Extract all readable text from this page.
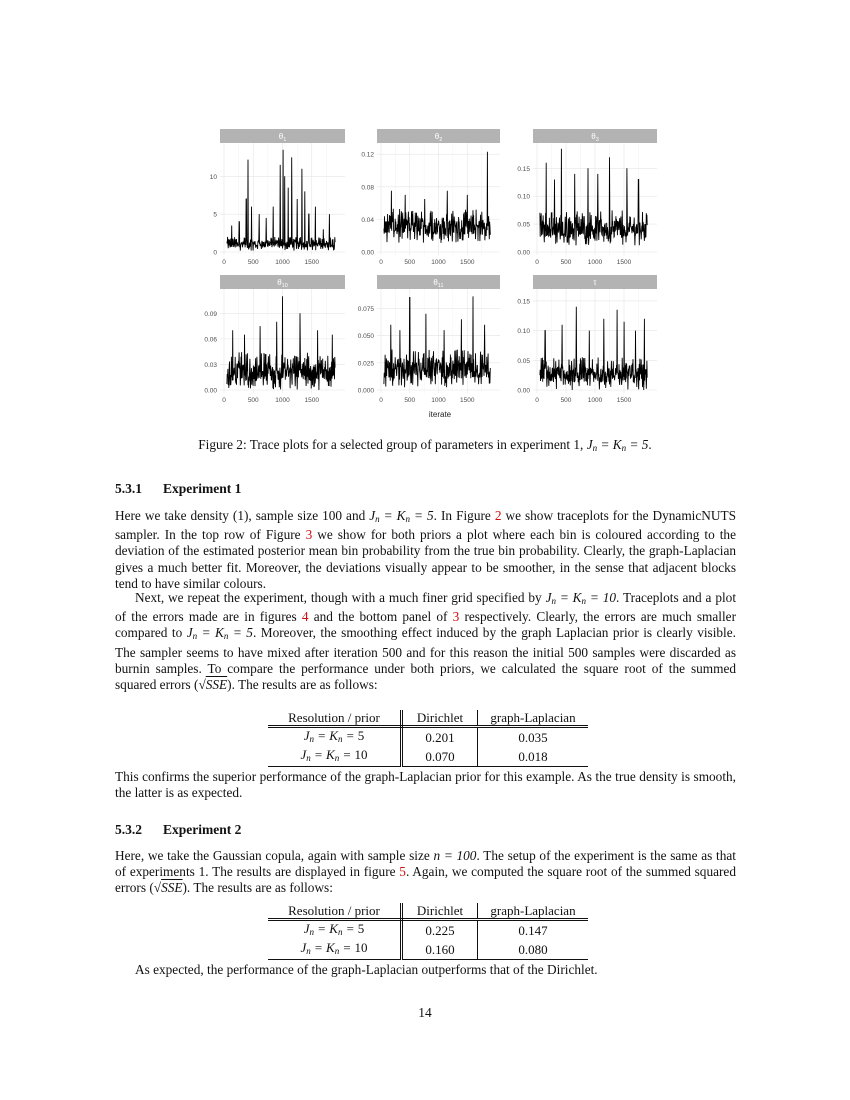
$\theta_1$
0
5
10
0	500	1000 1500
$\theta_2$
0.00
0.04
0.08
0.12
0	500 1000 1500
$\theta_3$
0.00
0.05
0.10
0.15
0	500	1000 1500
$\theta_{10}$
0.00
0.03
0.06
0.09
0	500	1000 1500
$\theta_{11}$
0.000
0.025
0.050
0.075
0	500 1000 1500
τ
0.00
0.05
0.10
0.15
0	500	1000 1500
iterate
Figure 2: Trace plots for a selected group of parameters in experiment 1, $J_n = K_n = 5$.
5.3.1 Experiment 1

Here we take density (1), sample size 100 and $J_n = K_n = 5$. In Figure 2 we show traceplots for the DynamicNUTS sampler. In the top row of Figure 3 we show for both priors a plot where each bin is coloured according to the deviation of the estimated posterior mean bin probability from the true bin probability. Clearly, the graph-Laplacian gives a much better fit. Moreover, the deviations visually appear to be smoother, in the sense that adjacent blocks tend to have similar colours.

Next, we repeat the experiment, though with a much finer grid specified by $J_n = K_n = 10$. Traceplots and a plot of the errors made are in figures 4 and the bottom panel of 3 respectively. Clearly, the errors are much smaller compared to $J_n = K_n = 5$. Moreover, the smoothing effect induced by the graph Laplacian prior is clearly visible. The sampler seems to have mixed after iteration 500 and for this reason the initial 500 samples were discarded as burnin samples. To compare the performance under both priors, we calculated the square root of the summed squared errors (√SSE). The results are as follows:

Resolution / prior	Dirichlet	graph-Laplacian
$J_n = K_n = 5$	0.201	0.035
$J_n = K_n = 10$	0.070	0.018

This confirms the superior performance of the graph-Laplacian prior for this example. As the true density is smooth, the latter is as expected.

5.3.2 Experiment 2

Here, we take the Gaussian copula, again with sample size n = 100. The setup of the experiment is the same as that of experiments 1. The results are displayed in figure 5. Again, we computed the square root of the summed squared errors (√SSE). The results are as follows:

Resolution / prior	Dirichlet	graph-Laplacian
$J_n = K_n = 5$	0.225	0.147
$J_n = K_n = 10$	0.160	0.080

As expected, the performance of the graph-Laplacian outperforms that of the Dirichlet.

14
